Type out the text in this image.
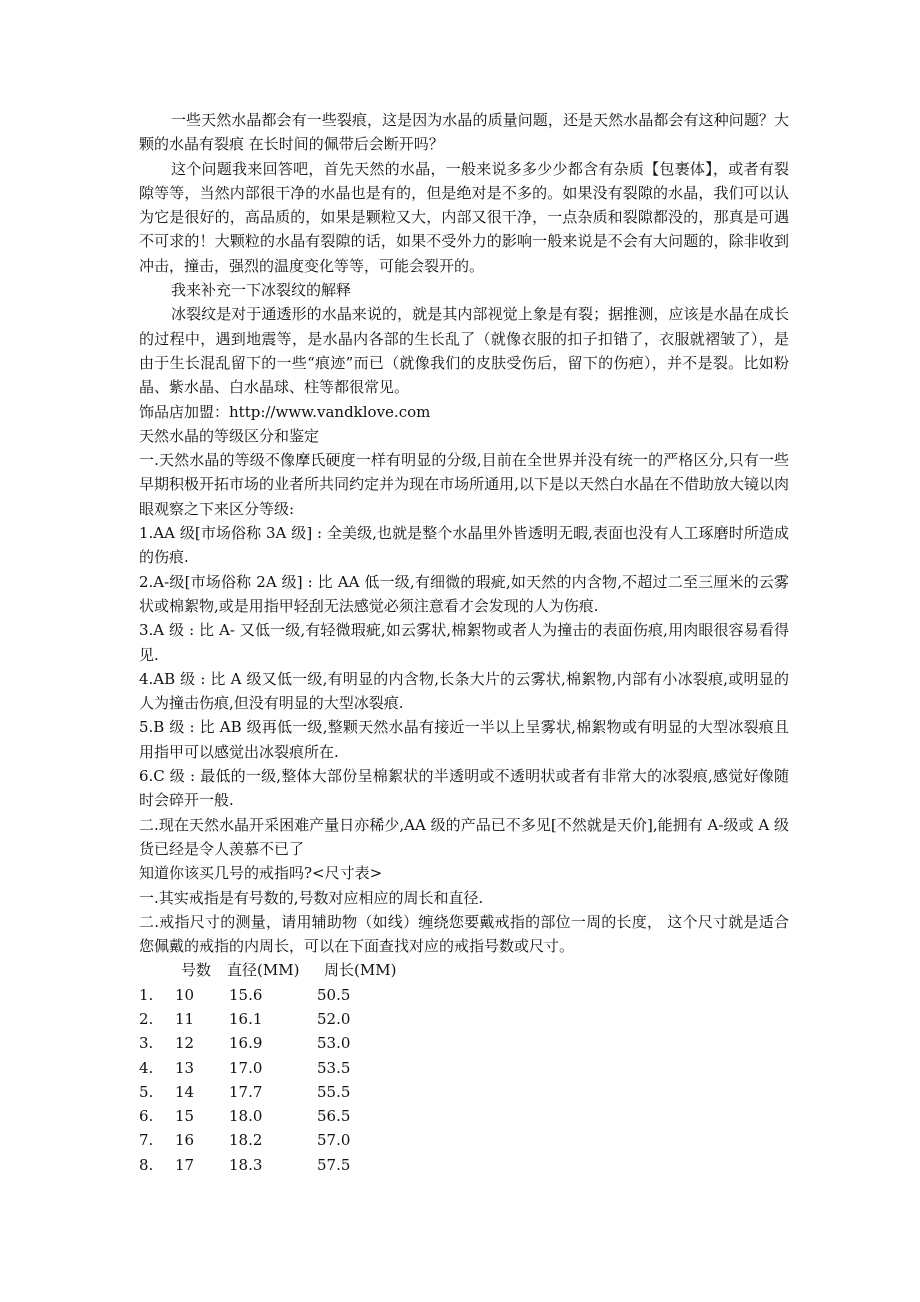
一些天然水晶都会有一些裂痕，这是因为水晶的质量问题，还是天然水晶都会有这种问题？大颗的水晶有裂痕 在长时间的佩带后会断开吗？

这个问题我来回答吧，首先天然的水晶，一般来说多多少少都含有杂质【包裹体】，或者有裂隙等等，当然内部很干净的水晶也是有的，但是绝对是不多的。如果没有裂隙的水晶，我们可以认为它是很好的，高品质的，如果是颗粒又大，内部又很干净，一点杂质和裂隙都没的，那真是可遇不可求的！大颗粒的水晶有裂隙的话，如果不受外力的影响一般来说是不会有大问题的，除非收到冲击，撞击，强烈的温度变化等等，可能会裂开的。

我来补充一下冰裂纹的解释

冰裂纹是对于通透形的水晶来说的，就是其内部视觉上象是有裂；据推测，应该是水晶在成长的过程中，遇到地震等，是水晶内各部的生长乱了（就像衣服的扣子扣错了，衣服就褶皱了），是由于生长混乱留下的一些“痕迹”而已（就像我们的皮肤受伤后，留下的伤疤），并不是裂。比如粉晶、紫水晶、白水晶球、柱等都很常见。

饰品店加盟：http://www.vandklove.com

天然水晶的等级区分和鉴定

一.天然水晶的等级不像摩氏硬度一样有明显的分级,目前在全世界并没有统一的严格区分,只有一些早期积极开拓市场的业者所共同约定并为现在市场所通用,以下是以天然白水晶在不借助放大镜以肉眼观察之下来区分等级:

1.AA 级[市场俗称 3A 级] : 全美级,也就是整个水晶里外皆透明无暇,表面也没有人工琢磨时所造成的伤痕.

2.A-级[市场俗称 2A 级] : 比 AA 低一级,有细微的瑕疵,如天然的内含物,不超过二至三厘米的云雾状或棉絮物,或是用指甲轻刮无法感觉必须注意看才会发现的人为伤痕.

3.A 级 : 比 A- 又低一级,有轻微瑕疵,如云雾状,棉絮物或者人为撞击的表面伤痕,用肉眼很容易看得见.

4.AB 级 : 比 A 级又低一级,有明显的内含物,长条大片的云雾状,棉絮物,内部有小冰裂痕,或明显的人为撞击伤痕,但没有明显的大型冰裂痕.

5.B 级 : 比 AB 级再低一级,整颗天然水晶有接近一半以上呈雾状,棉絮物或有明显的大型冰裂痕且用指甲可以感觉出冰裂痕所在.

6.C 级 : 最低的一级,整体大部份呈棉絮状的半透明或不透明状或者有非常大的冰裂痕,感觉好像随时会碎开一般.

二.现在天然水晶开采困难产量日亦稀少,AA 级的产品已不多见[不然就是天价],能拥有 A-级或 A 级货已经是令人羡慕不已了

知道你该买几号的戒指吗?<尺寸表>

一.其实戒指是有号数的,号数对应相应的周长和直径.

二.戒指尺寸的测量，请用辅助物（如线）缠绕您要戴戒指的部位一周的长度， 这个尺寸就是适合您佩戴的戒指的内周长，可以在下面查找对应的戒指号数或尺寸。

号数 直径(MM) 周长(MM)
1. 10 15.6	50.5
2. 11 16.1	52.0
3. 12 16.9	53.0
4. 13 17.0	53.5
5. 14 17.7	55.5
6. 15 18.0	56.5
7. 16 18.2	57.0
8. 17 18.3	57.5
